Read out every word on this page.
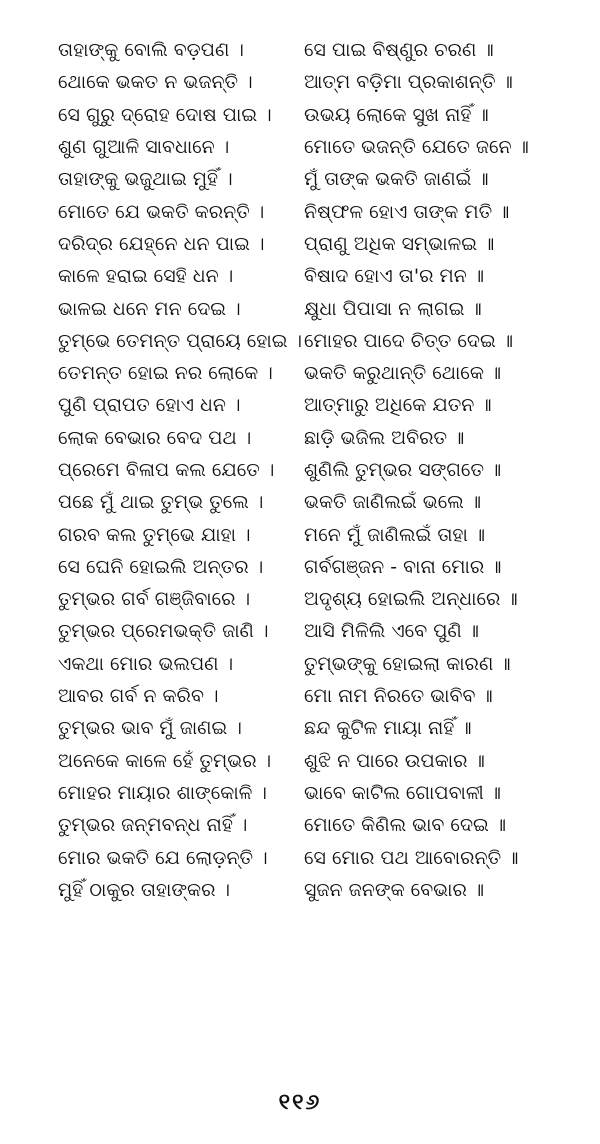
ତାହାଙ୍କୁ ବୋଲି ବଡ଼ପଣ ।	ସେ ପାଇ ବିଷ୍ଣୁର ଚରଣ ॥
ଥୋକେ ଭକତ ନ ଭଜନ୍ତି ।	ଆତ୍ମ ବଡ଼ିମା ପ୍ରକାଶନ୍ତି ॥
ସେ ଗୁରୁ ଦ୍ରୋହ ଦୋଷ ପାଇ ।	ଉଭୟ ଲୋକେ ସୁଖ ନାହିଁ ॥
ଶୁଣ ଗୁଆଳି ସାବଧାନେ ।	ମୋତେ ଭଜନ୍ତି ଯେତେ ଜନେ ॥
ତାହାଙ୍କୁ ଭଜୁଥାଇ ମୁହିଁ ।	ମୁଁ ତାଙ୍କ ଭକତି ଜାଣଇଁ ॥
ମୋତେ ଯେ ଭକତି କରନ୍ତି ।	ନିଷ୍ଫଳ ହୋଏ ତାଙ୍କ ମତି ॥
ଦରିଦ୍ର ଯେହ୍ନେ ଧନ ପାଇ ।	ପ୍ରାଣୁ ଅଧିକ ସମ୍ଭାଳଇ ॥
କାଳେ ହରାଇ ସେହି ଧନ ।	ବିଷାଦ ହୋଏ ତା'ର ମନ ॥
ଭାଳଇ ଧନେ ମନ ଦେଇ ।	କ୍ଷୁଧା ପିପାସା ନ ଲାଗଇ ॥
ତୁମ୍ଭେ ତେମନ୍ତ ପ୍ରାୟେ ହୋଇ । ମୋହର ପାଦେ ଚିତ୍ତ ଦେଇ ॥
ତେମନ୍ତ ହୋଇ ନର ଲୋକେ ।	ଭକତି କରୁଥାନ୍ତି ଥୋକେ ॥
ପୁଣି ପ୍ରାପତ ହୋଏ ଧନ ।	ଆତ୍ମାରୁ ଅଧିକେ ଯତନ ॥
ଲୋକ ବେଭାର ବେଦ ପଥ ।	ଛାଡ଼ି ଭଜିଲ ଅବିରତ ॥
ପ୍ରେମେ ବିଳାପ କଲ ଯେତେ ।	ଶୁଣିଲି ତୁମ୍ଭର ସଙ୍ଗତେ ॥
ପଛେ ମୁଁ ଥାଇ ତୁମ୍ଭ ତୁଲେ ।	ଭକତି ଜାଣିଲଇଁ ଭଲେ ॥
ଗରବ କଲ ତୁମ୍ଭେ ଯାହା ।	ମନେ ମୁଁ ଜାଣିଲଇଁ ତାହା ॥
ସେ ଘେନି ହୋଇଲି ଅନ୍ତର ।	ଗର୍ବଗଞ୍ଜନ - ବାନା ମୋର ॥
ତୁମ୍ଭର ଗର୍ବ ଗଞ୍ଜିବାରେ ।	ଅଦୃଶ୍ୟ ହୋଇଲି ଅନ୍ଧାରେ ॥
ତୁମ୍ଭର ପ୍ରେମଭକ୍ତି ଜାଣି ।	ଆସି ମିଳିଲି ଏବେ ପୁଣି ॥
ଏକଥା ମୋର ଭଲପଣ ।	ତୁମ୍ଭଙ୍କୁ ହୋଇଲା କାରଣ ॥
ଆବର ଗର୍ବ ନ କରିବ ।	ମୋ ନାମ ନିରତେ ଭାବିବ ॥
ତୁମ୍ଭର ଭାବ ମୁଁ ଜାଣଇ ।	ଛନ୍ଦ କୁଟିଳ ମାୟା ନାହିଁ ॥
ଅନେକେ କାଳେ ହେଁ ତୁମ୍ଭର ।	ଶୁଝି ନ ପାରେ ଉପକାର ॥
ମୋହର ମାୟାର ଶାଙ୍କୋଳି ।	ଭାବେ କାଟିଲ ଗୋପବାଳୀ ॥
ତୁମ୍ଭର ଜନ୍ମବନ୍ଧ ନାହିଁ ।	ମୋତେ କିଣିଲ ଭାବ ଦେଇ ॥
ମୋର ଭକତି ଯେ ଲୋଡ଼ନ୍ତି ।	ସେ ମୋର ପଥ ଆବୋରନ୍ତି ॥
ମୁହିଁ ଠାକୁର ତାହାଙ୍କର ।	ସୁଜନ ଜନଙ୍କ ବେଭାର ॥
୧୧୬
